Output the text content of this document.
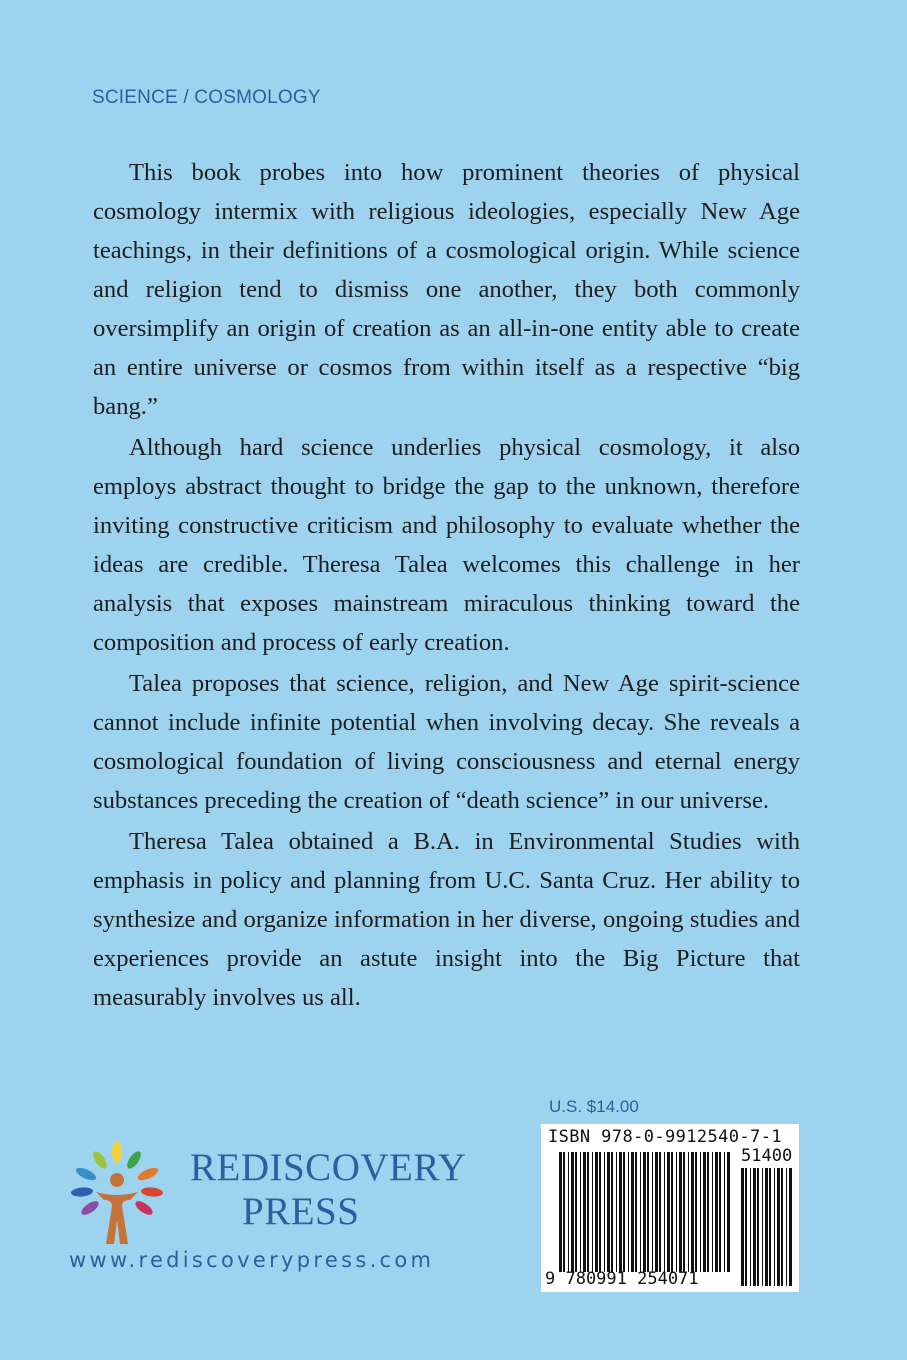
SCIENCE / COSMOLOGY

This book probes into how prominent theories of physical cosmology intermix with religious ideologies, especially New Age teachings, in their definitions of a cosmological origin. While science and religion tend to dismiss one another, they both commonly oversimplify an origin of creation as an all-in-one entity able to create an entire universe or cosmos from within itself as a respective “big bang.”

Although hard science underlies physical cosmology, it also employs abstract thought to bridge the gap to the unknown, therefore inviting constructive criticism and philosophy to evaluate whether the ideas are credible. Theresa Talea welcomes this challenge in her analysis that exposes mainstream miraculous thinking toward the composition and process of early creation.

Talea proposes that science, religion, and New Age spirit-science cannot include infinite potential when involving decay. She reveals a cosmological foundation of living consciousness and eternal energy substances preceding the creation of “death science” in our universe.

Theresa Talea obtained a B.A. in Environmental Studies with emphasis in policy and planning from U.C. Santa Cruz. Her ability to synthesize and organize information in her diverse, ongoing studies and experiences provide an astute insight into the Big Picture that measurably involves us all.

U.S. $14.00
ISBN 978-0-9912540-7-1
51400
9 780991 254071
REDISCOVERY
PRESS
www.rediscoverypress.com
